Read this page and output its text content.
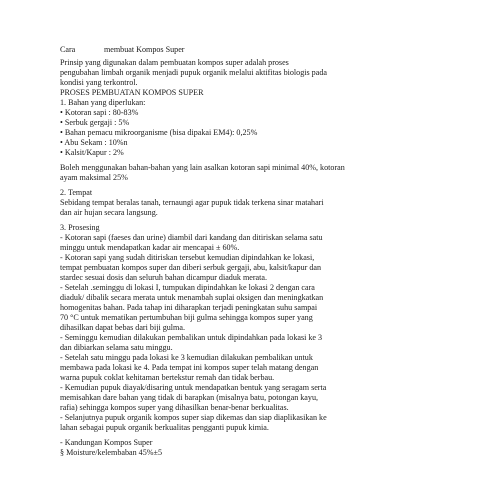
Cara	membuat Kompos Super
Prinsip yang digunakan dalam pembuatan kompos super adalah proses
pengubahan limbah organik menjadi pupuk organik melalui aktifitas biologis pada
kondisi yang terkontrol.
PROSES PEMBUATAN KOMPOS SUPER
1. Bahan yang diperlukan:
• Kotoran sapi : 80-83%
• Serbuk gergaji : 5%
• Bahan pemacu mikroorganisme (bisa dipakai EM4): 0,25%
• Abu Sekam : 10%n
• Kalsit/Kapur : 2%
Boleh menggunakan bahan-bahan yang lain asalkan kotoran sapi minimal 40%, kotoran
ayam maksimal 25%
2. Tempat
Sebidang tempat beralas tanah, ternaungi agar pupuk tidak terkena sinar matahari
dan air hujan secara langsung.
3. Prosesing
- Kotoran sapi (faeses dan urine) diambil dari kandang dan ditiriskan selama satu
minggu untuk mendapatkan kadar air mencapai ± 60%.
- Kotoran sapi yang sudah ditiriskan tersebut kemudian dipindahkan ke lokasi,
tempat pembuatan kompos super dan diberi serbuk gergaji, abu, kalsit/kapur dan
stardec sesuai dosis dan seluruh bahan dicampur diaduk merata.
- Setelah .seminggu di lokasi I, tumpukan dipindahkan ke lokasi 2 dengan cara
diaduk/ dibalik secara merata untuk menambah suplai oksigen dan meningkatkan
homogenitas bahan. Pada tahap ini diharapkan terjadi peningkatan suhu sampai
70 °C untuk mematikan pertumbuhan biji gulma sehingga kompos super yang
dihasilkan dapat bebas dari biji gulma.
- Seminggu kemudian dilakukan pembalikan untuk dipindahkan pada lokasi ke 3
dan dibiarkan selama satu minggu.
- Setelah satu minggu pada lokasi ke 3 kemudian dilakukan pembalikan untuk
membawa pada lokasi ke 4. Pada tempat ini kompos super telah matang dengan
warna pupuk coklat kehitaman bertekstur remah dan tidak berbau.
- Kemudian pupuk diayak/disaring untuk mendapatkan bentuk yang seragam serta
memisahkan dare bahan yang tidak di barapkan (misalnya batu, potongan kayu,
rafia) sehingga kompos super yang dihasilkan benar-benar berkualitas.
- Selanjutnya pupuk organik kompos super siap dikemas dan siap diaplikasikan ke
lahan sebagai pupuk organik berkualitas pengganti pupuk kimia.
- Kandungan Kompos Super
§ Moisture/kelembaban 45%±5
